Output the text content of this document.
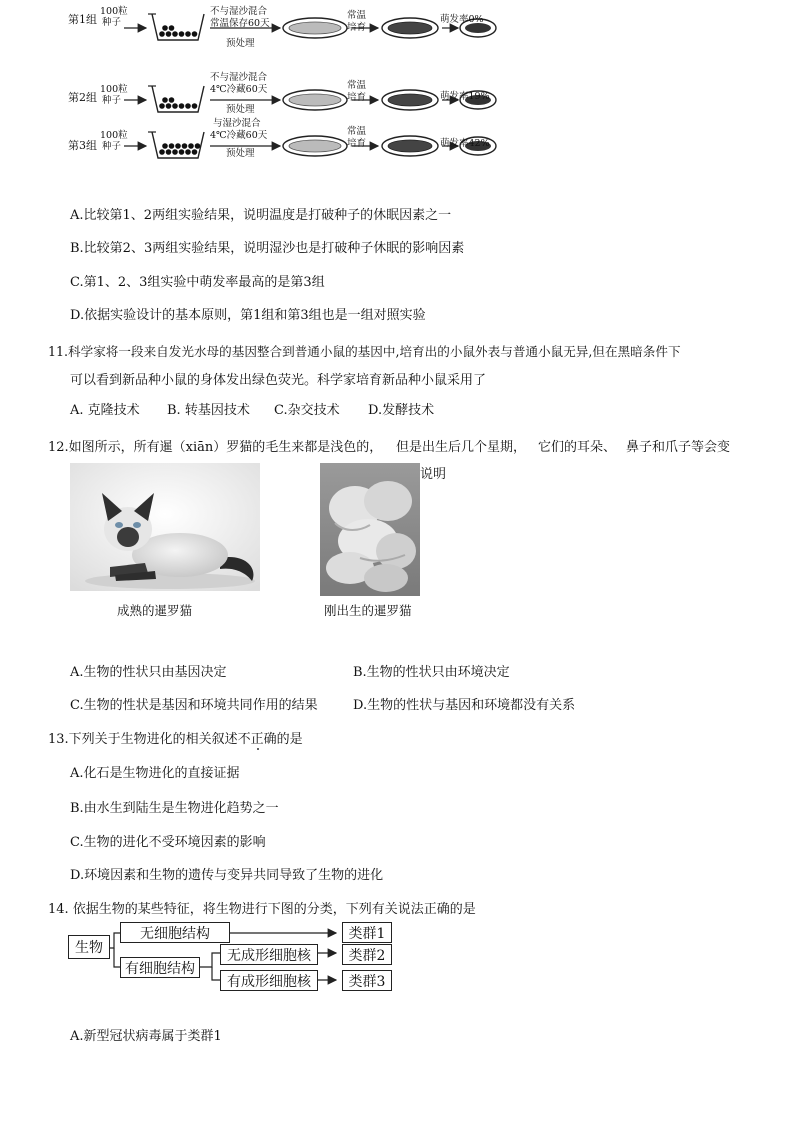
第1组
100粒
种子
不与湿沙混合
常温保存60天
预处理
常温
培育
萌发率0%
第2组
100粒
种子
不与湿沙混合
4℃冷藏60天
预处理
常温
培育	萌发率19%
第3组
100粒
种子
与湿沙混合
4℃冷藏60天
预处理
常温
培育	萌发率42%
A.比较第1、2两组实验结果，说明温度是打破种子的休眠因素之一
B.比较第2、3两组实验结果，说明湿沙也是打破种子休眠的影响因素
C.第1、2、3组实验中萌发率最高的是第3组
D.依据实验设计的基本原则，第1组和第3组也是一组对照实验
11.科学家将一段来自发光水母的基因整合到普通小鼠的基因中,培育出的小鼠外表与普通小鼠无异,但在黑暗条件下
可以看到新品种小鼠的身体发出绿色荧光。科学家培育新品种小鼠采用了
A. 克隆技术 B. 转基因技术 C.杂交技术 D.发酵技术
12.如图所示，所有暹（xiān）罗猫的毛生来都是浅色的， 但是出生后几个星期， 它们的耳朵、 鼻子和爪子等会变
说明
成熟的暹罗猫	刚出生的暹罗猫
A.生物的性状只由基因决定	B.生物的性状只由环境决定
C.生物的性状是基因和环境共同作用的结果	D.生物的性状与基因和环境都没有关系
13.下列关于生物进化的相关叙述不正确的是
A.化石是生物进化的直接证据
B.由水生到陆生是生物进化趋势之一
C.生物的进化不受环境因素的影响
D.环境因素和生物的遗传与变异共同导致了生物的进化
14. 依据生物的某些特征，将生物进行下图的分类，下列有关说法正确的是
生物
无细胞结构
有细胞结构
无成形细胞核
有成形细胞核
类群1
类群2
类群3
A.新型冠状病毒属于类群1
